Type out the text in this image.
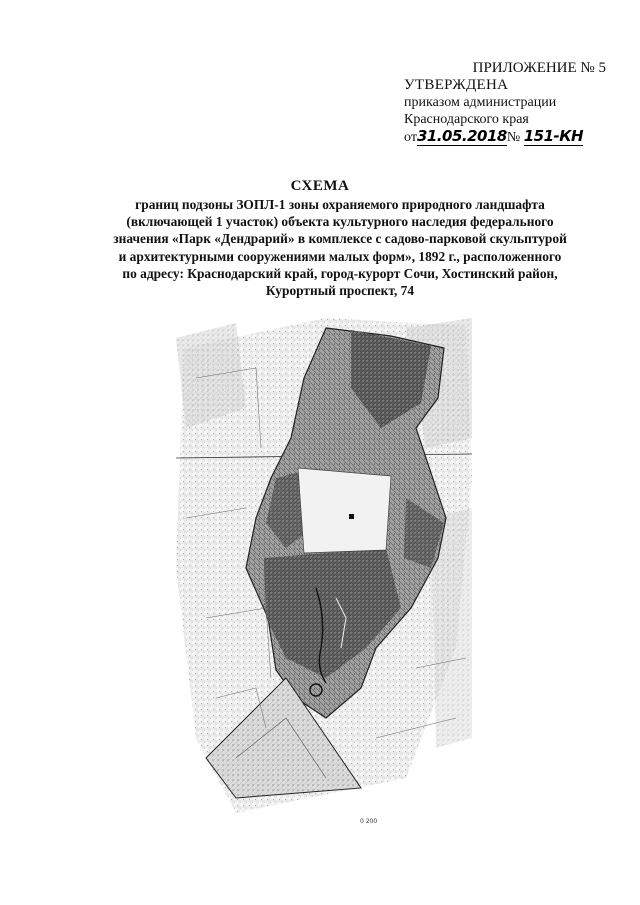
ПРИЛОЖЕНИЕ № 5
УТВЕРЖДЕНА
приказом администрации
Краснодарского края
от31.05.2018№ 151-КН
СХЕМА
границ подзоны ЗОПЛ-1 зоны охраняемого природного ландшафта
(включающей 1 участок) объекта культурного наследия федерального
значения «Парк «Дендрарий» в комплексе с садово-парковой скульптурой
и архитектурными сооружениями малых форм», 1892 г., расположенного
по адресу: Краснодарский край, город-курорт Сочи, Хостинский район,
Курортный проспект, 74
0 200
